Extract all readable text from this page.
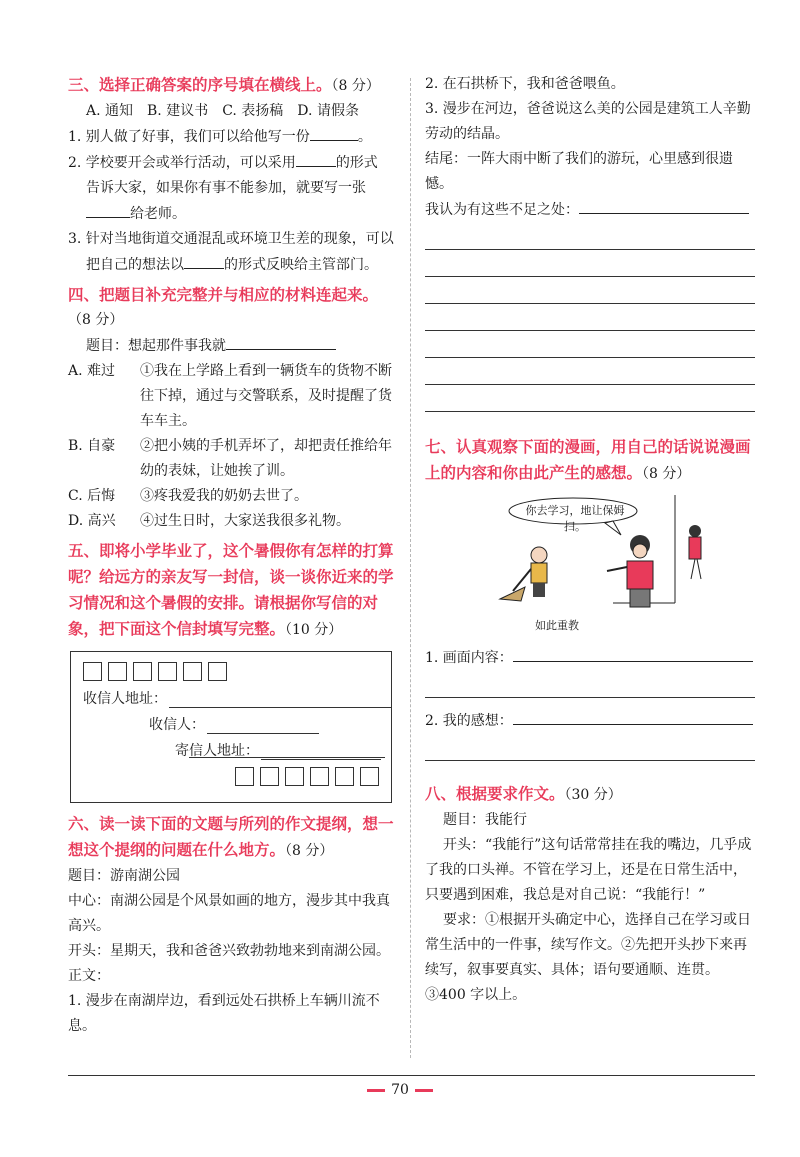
三、选择正确答案的序号填在横线上。（8 分）

A. 通知　B. 建议书　C. 表扬稿　D. 请假条

1. 别人做了好事，我们可以给他写一份	。

2. 学校要开会或举行活动，可以采用	的形式

告诉大家，如果你有事不能参加，就要写一张

给老师。

3. 针对当地街道交通混乱或环境卫生差的现象，可以

把自己的想法以	的形式反映给主管部门。

四、把题目补充完整并与相应的材料连起来。

（8 分）

题目：想起那件事我就

A. 难过	①我在上学路上看到一辆货车的货物不断往下掉，通过与交警联系，及时提醒了货车车主。
B. 自豪	②把小姨的手机弄坏了，却把责任推给年幼的表妹，让她挨了训。
C. 后悔	③疼我爱我的奶奶去世了。
D. 高兴	④过生日时，大家送我很多礼物。

五、即将小学毕业了，这个暑假你有怎样的打算呢？给远方的亲友写一封信，谈一谈你近来的学习情况和这个暑假的安排。请根据你写信的对象，把下面这个信封填写完整。（10 分）

收信人地址：
收信人：
寄信人地址：

六、读一读下面的文题与所列的作文提纲，想一想这个提纲的问题在什么地方。（8 分）

题目：游南湖公园

中心：南湖公园是个风景如画的地方，漫步其中我真高兴。

开头：星期天，我和爸爸兴致勃勃地来到南湖公园。

正文：

1. 漫步在南湖岸边，看到远处石拱桥上车辆川流不息。

2. 在石拱桥下，我和爸爸喂鱼。

3. 漫步在河边，爸爸说这么美的公园是建筑工人辛勤劳动的结晶。

结尾：一阵大雨中断了我们的游玩，心里感到很遗憾。

我认为有这些不足之处：

七、认真观察下面的漫画，用自己的话说说漫画上的内容和你由此产生的感想。（8 分）

你去学习，地让保姆扫。
如此重教

1. 画面内容：

2. 我的感想：

八、根据要求作文。（30 分）

题目：我能行

开头：“我能行”这句话常常挂在我的嘴边，几乎成了我的口头禅。不管在学习上，还是在日常生活中，只要遇到困难，我总是对自己说：“我能行！”

要求：①根据开头确定中心，选择自己在学习或日常生活中的一件事，续写作文。②先把开头抄下来再续写，叙事要真实、具体；语句要通顺、连贯。③400 字以上。

70
